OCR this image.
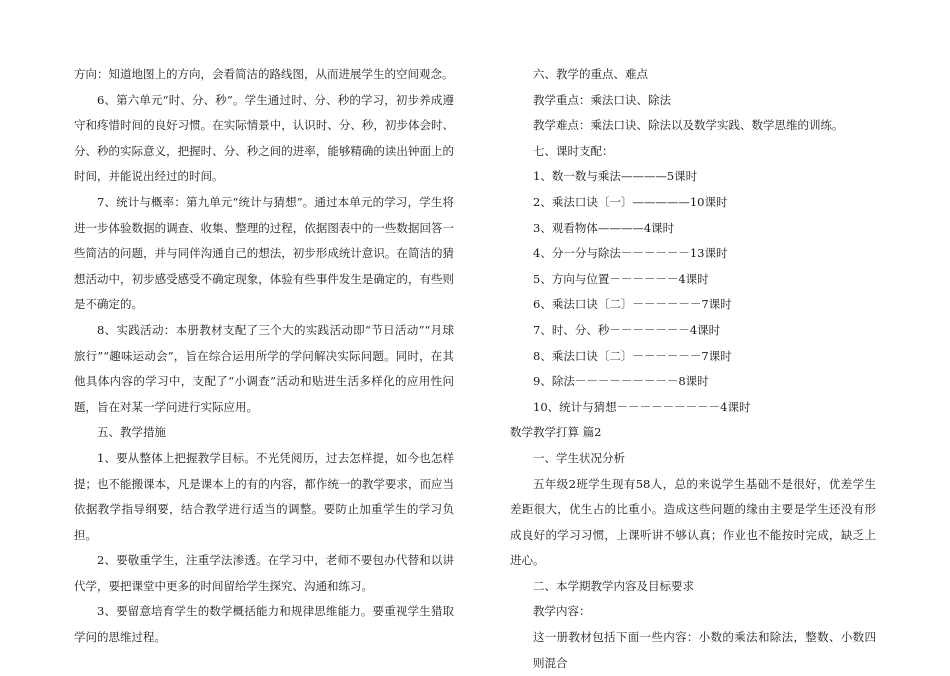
方向：知道地图上的方向，会看简洁的路线图，从而进展学生的空间观念。

6、第六单元“时、分、秒”。学生通过时、分、秒的学习，初步养成遵守和疼惜时间的良好习惯。在实际情景中，认识时、分、秒，初步体会时、分、秒的实际意义，把握时、分、秒之间的进率，能够精确的读出钟面上的时间，并能说出经过的时间。

7、统计与概率：第九单元“统计与猜想”。通过本单元的学习，学生将进一步体验数据的调查、收集、整理的过程，依据图表中的一些数据回答一些简洁的问题，并与同伴沟通自己的想法，初步形成统计意识。在简洁的猜想活动中，初步感受感受不确定现象，体验有些事件发生是确定的，有些则是不确定的。

8、实践活动：本册教材支配了三个大的实践活动即“节日活动”“月球旅行”“趣味运动会”，旨在综合运用所学的学问解决实际问题。同时，在其他具体内容的学习中，支配了“小调查”活动和贴进生活多样化的应用性问题，旨在对某一学问进行实际应用。

五、教学措施

1、要从整体上把握教学目标。不光凭阅历，过去怎样提，如今也怎样提；也不能搬课本，凡是课本上的有的内容，都作统一的教学要求，而应当依据教学指导纲要，结合教学进行适当的调整。要防止加重学生的学习负担。

2、要敬重学生，注重学法渗透。在学习中，老师不要包办代替和以讲代学，要把课堂中更多的时间留给学生探究、沟通和练习。

3、要留意培育学生的数学概括能力和规律思维能力。要重视学生猎取学问的思维过程。

六、教学的重点、难点

教学重点：乘法口诀、除法

教学难点：乘法口诀、除法以及数学实践、数学思维的训练。

七、课时支配：

1、数一数与乘法————5课时

2、乘法口诀〔一〕—————10课时

3、观看物体————4课时

4、分一分与除法－－－－－－13课时

5、方向与位置－－－－－－4课时

6、乘法口诀〔二〕－－－－－－7课时

7、时、分、秒－－－－－－－4课时

8、乘法口诀〔二〕－－－－－－7课时

9、除法－－－－－－－－－8课时

10、统计与猜想－－－－－－－－－4课时

数学教学打算 篇2

一、学生状况分析

五年级2班学生现有58人，总的来说学生基础不是很好，优差学生差距很大，优生占的比重小。造成这些问题的缘由主要是学生还没有形成良好的学习习惯，上课听讲不够认真；作业也不能按时完成，缺乏上进心。

二、本学期教学内容及目标要求

教学内容：

这一册教材包括下面一些内容：小数的乘法和除法，整数、小数四则混合
